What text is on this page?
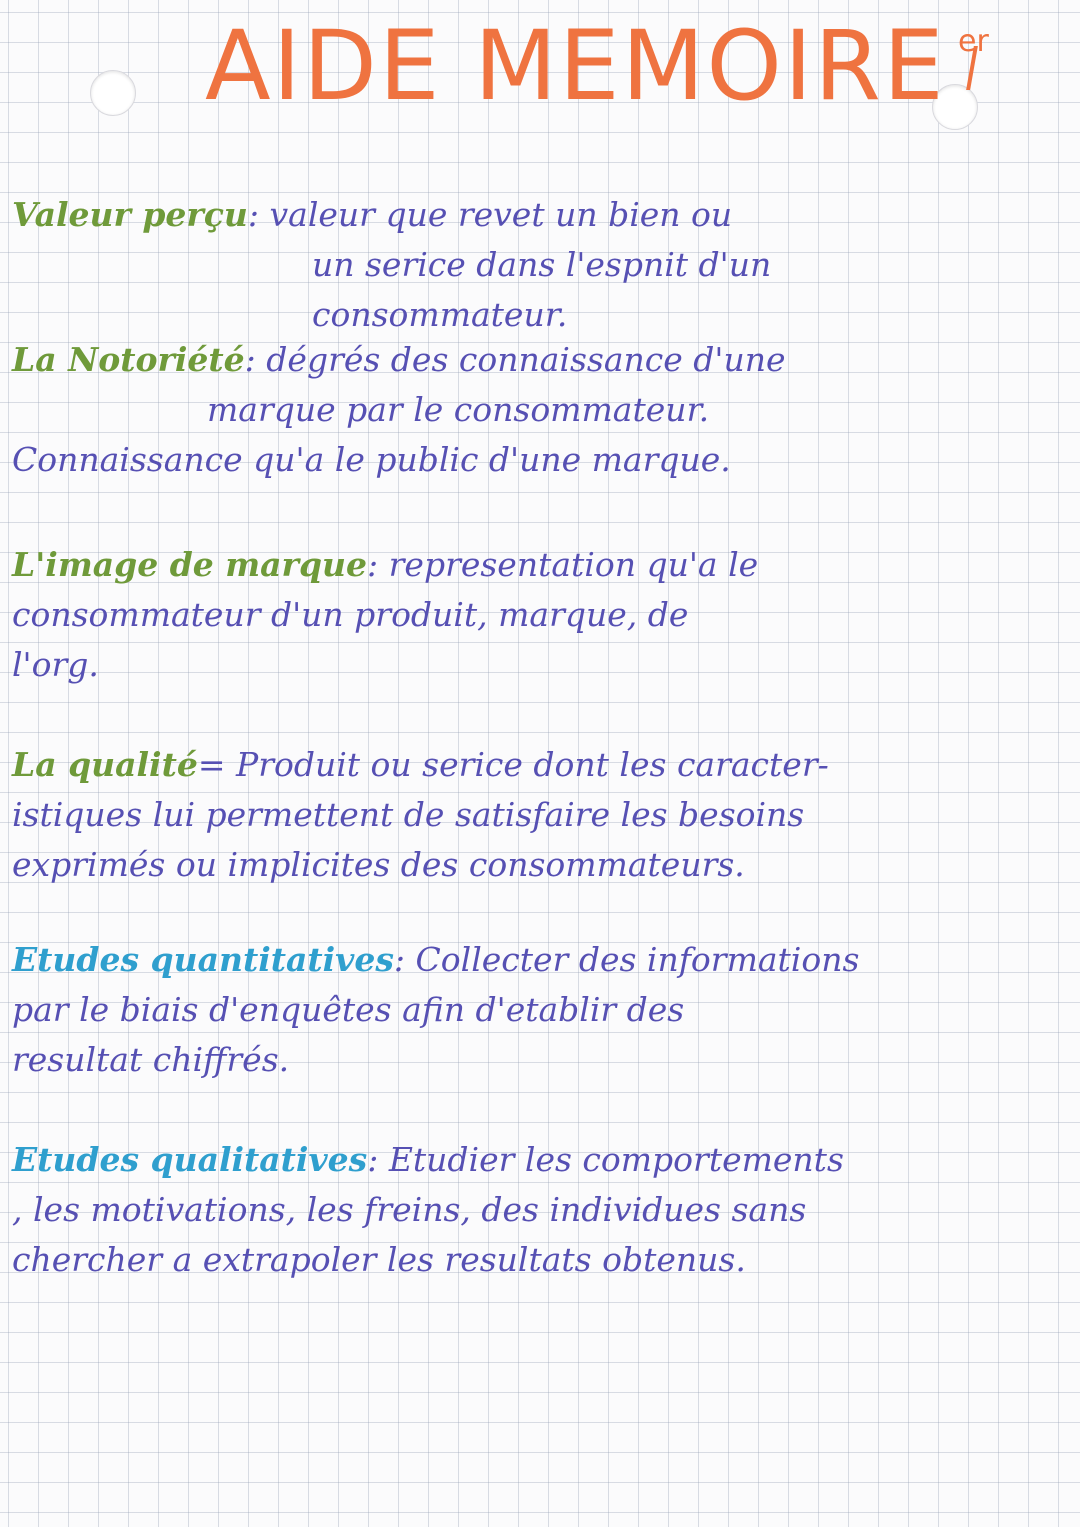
AIDE MEMOIRE er
Valeur perçu: valeur que revet un bien ou
un serice dans l'espnit d'un
consommateur.
La Notoriété: dégrés des connaissance d'une
marque par le consommateur.
Connaissance qu'a le public d'une marque.
L'image de marque: representation qu'a le
consommateur d'un produit, marque, de
l'org.
La qualité= Produit ou serice dont les caracter-
istiques lui permettent de satisfaire les besoins
exprimés ou implicites des consommateurs.
Etudes quantitatives: Collecter des informations
par le biais d'enquêtes afin d'etablir des
resultat chiffrés.
Etudes qualitatives: Etudier les comportements
, les motivations, les freins, des individues sans
chercher a extrapoler les resultats obtenus.
